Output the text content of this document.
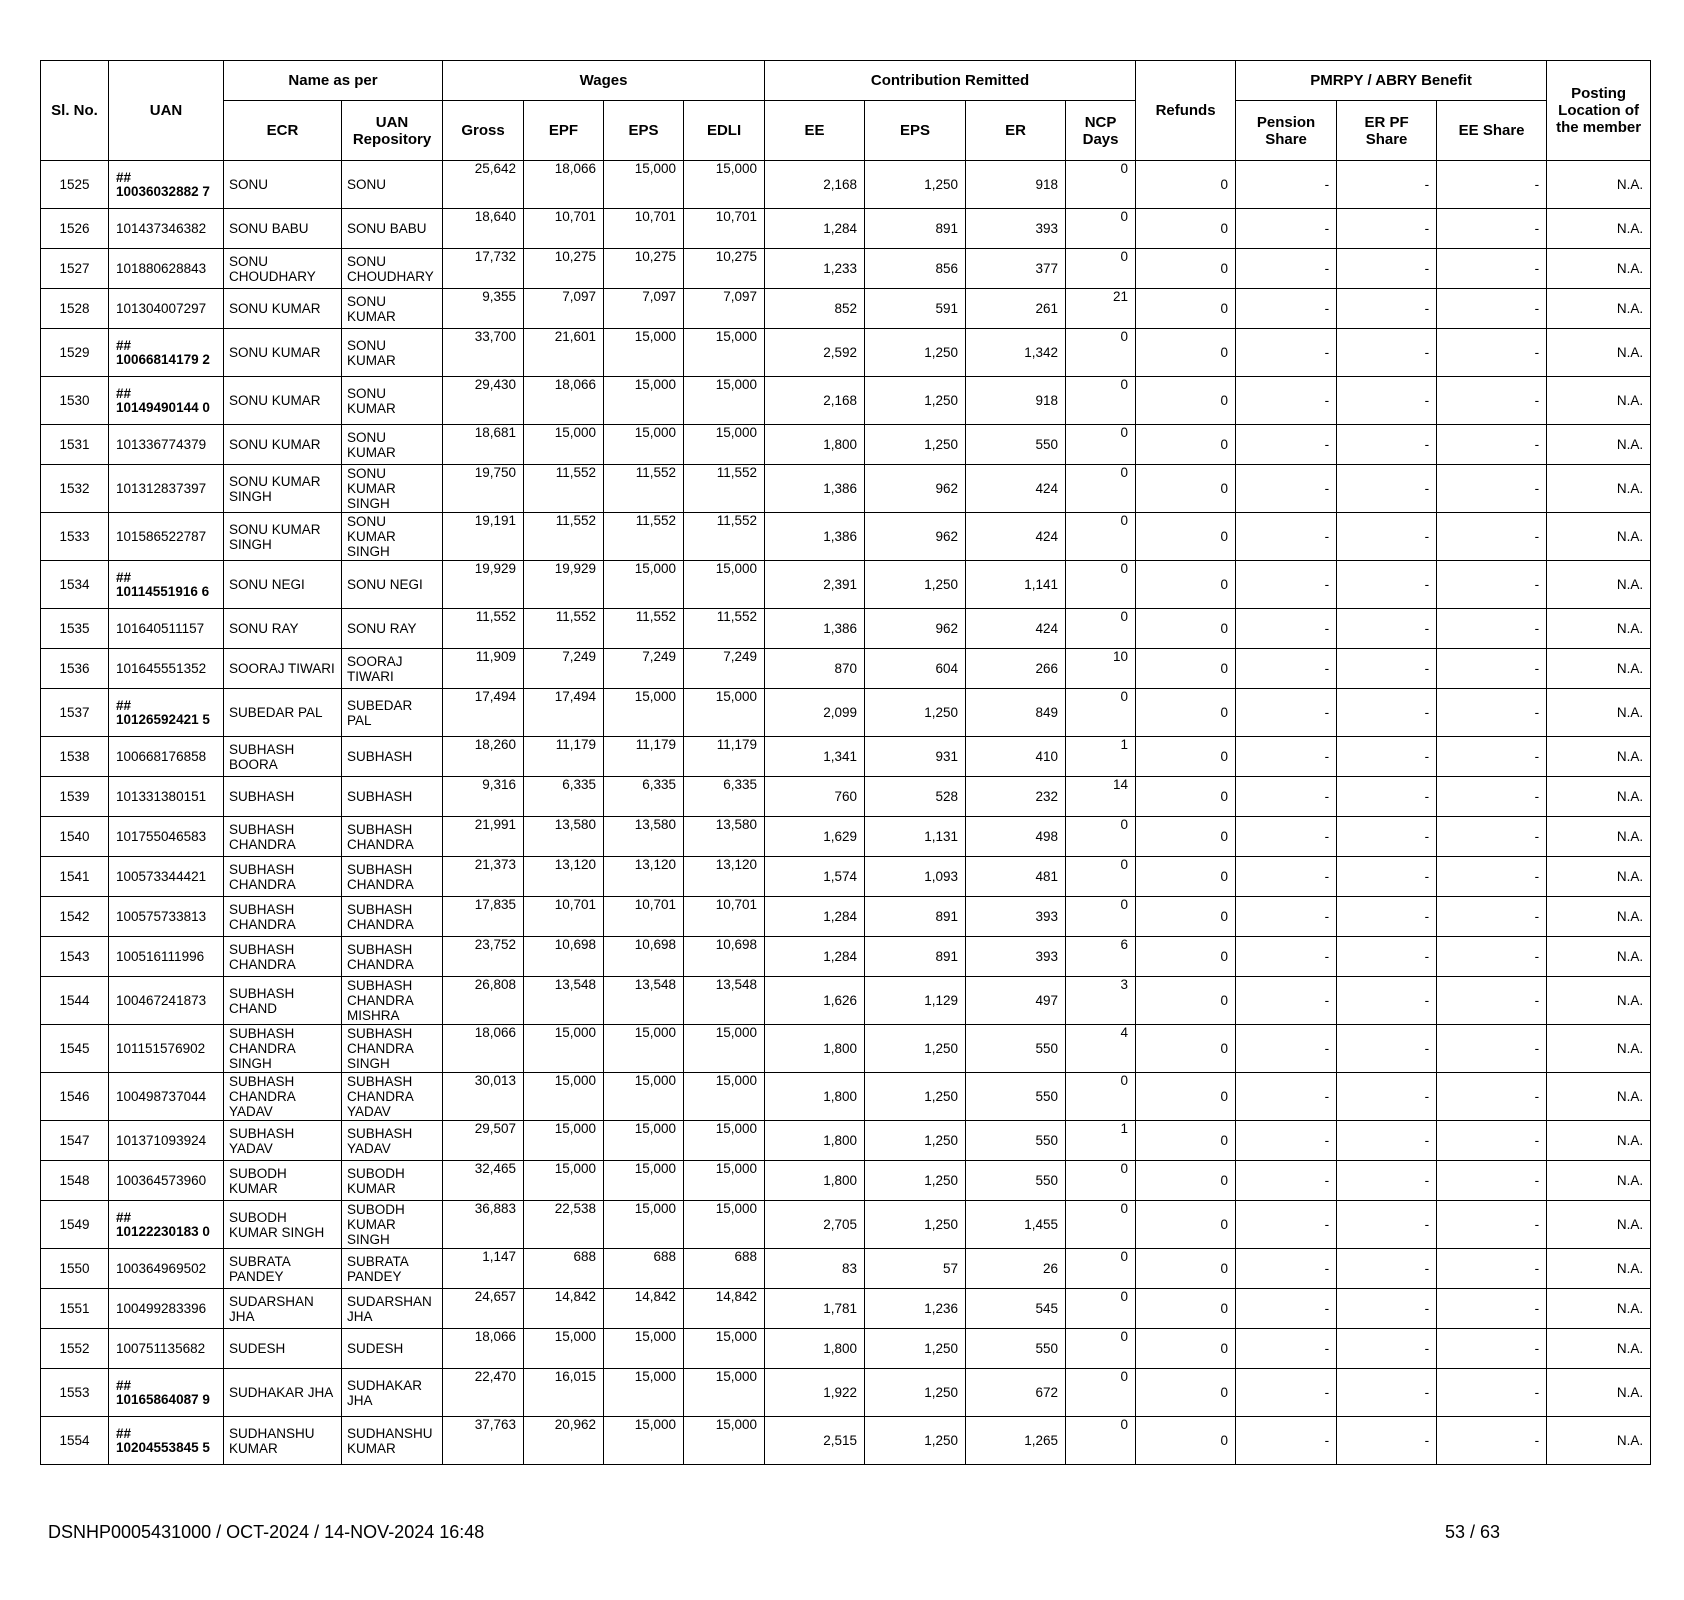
Sl. No.	UAN	Name as per		Wages				Contribution Remitted				Refunds	PMRPY / ABRY Benefit			Posting Location of the member
		ECR	UAN Repository	Gross	EPF	EPS	EDLI	EE	EPS	ER	NCP Days		Pension Share	ER PF Share	EE Share	
1525	## 10036032882 7	SONU	SONU	25,642	18,066	15,000	15,000	2,168	1,250	918	0	0	-	-	-	N.A.
1526	101437346382	SONU BABU	SONU BABU	18,640	10,701	10,701	10,701	1,284	891	393	0	0	-	-	-	N.A.
1527	101880628843	SONU CHOUDHARY	SONU CHOUDHARY	17,732	10,275	10,275	10,275	1,233	856	377	0	0	-	-	-	N.A.
1528	101304007297	SONU KUMAR	SONU KUMAR	9,355	7,097	7,097	7,097	852	591	261	21	0	-	-	-	N.A.
1529	## 10066814179 2	SONU KUMAR	SONU KUMAR	33,700	21,601	15,000	15,000	2,592	1,250	1,342	0	0	-	-	-	N.A.
1530	## 10149490144 0	SONU KUMAR	SONU KUMAR	29,430	18,066	15,000	15,000	2,168	1,250	918	0	0	-	-	-	N.A.
1531	101336774379	SONU KUMAR	SONU KUMAR	18,681	15,000	15,000	15,000	1,800	1,250	550	0	0	-	-	-	N.A.
1532	101312837397	SONU KUMAR SINGH	SONU KUMAR SINGH	19,750	11,552	11,552	11,552	1,386	962	424	0	0	-	-	-	N.A.
1533	101586522787	SONU KUMAR SINGH	SONU KUMAR SINGH	19,191	11,552	11,552	11,552	1,386	962	424	0	0	-	-	-	N.A.
1534	## 10114551916 6	SONU NEGI	SONU NEGI	19,929	19,929	15,000	15,000	2,391	1,250	1,141	0	0	-	-	-	N.A.
1535	101640511157	SONU RAY	SONU RAY	11,552	11,552	11,552	11,552	1,386	962	424	0	0	-	-	-	N.A.
1536	101645551352	SOORAJ TIWARI	SOORAJ TIWARI	11,909	7,249	7,249	7,249	870	604	266	10	0	-	-	-	N.A.
1537	## 10126592421 5	SUBEDAR PAL	SUBEDAR PAL	17,494	17,494	15,000	15,000	2,099	1,250	849	0	0	-	-	-	N.A.
1538	100668176858	SUBHASH BOORA	SUBHASH	18,260	11,179	11,179	11,179	1,341	931	410	1	0	-	-	-	N.A.
1539	101331380151	SUBHASH	SUBHASH	9,316	6,335	6,335	6,335	760	528	232	14	0	-	-	-	N.A.
1540	101755046583	SUBHASH CHANDRA	SUBHASH CHANDRA	21,991	13,580	13,580	13,580	1,629	1,131	498	0	0	-	-	-	N.A.
1541	100573344421	SUBHASH CHANDRA	SUBHASH CHANDRA	21,373	13,120	13,120	13,120	1,574	1,093	481	0	0	-	-	-	N.A.
1542	100575733813	SUBHASH CHANDRA	SUBHASH CHANDRA	17,835	10,701	10,701	10,701	1,284	891	393	0	0	-	-	-	N.A.
1543	100516111996	SUBHASH CHANDRA	SUBHASH CHANDRA	23,752	10,698	10,698	10,698	1,284	891	393	6	0	-	-	-	N.A.
1544	100467241873	SUBHASH CHAND	SUBHASH CHANDRA MISHRA	26,808	13,548	13,548	13,548	1,626	1,129	497	3	0	-	-	-	N.A.
1545	101151576902	SUBHASH CHANDRA SINGH	SUBHASH CHANDRA SINGH	18,066	15,000	15,000	15,000	1,800	1,250	550	4	0	-	-	-	N.A.
1546	100498737044	SUBHASH CHANDRA YADAV	SUBHASH CHANDRA YADAV	30,013	15,000	15,000	15,000	1,800	1,250	550	0	0	-	-	-	N.A.
1547	101371093924	SUBHASH YADAV	SUBHASH YADAV	29,507	15,000	15,000	15,000	1,800	1,250	550	1	0	-	-	-	N.A.
1548	100364573960	SUBODH KUMAR	SUBODH KUMAR	32,465	15,000	15,000	15,000	1,800	1,250	550	0	0	-	-	-	N.A.
1549	## 10122230183 0	SUBODH KUMAR SINGH	SUBODH KUMAR SINGH	36,883	22,538	15,000	15,000	2,705	1,250	1,455	0	0	-	-	-	N.A.
1550	100364969502	SUBRATA PANDEY	SUBRATA PANDEY	1,147	688	688	688	83	57	26	0	0	-	-	-	N.A.
1551	100499283396	SUDARSHAN JHA	SUDARSHAN JHA	24,657	14,842	14,842	14,842	1,781	1,236	545	0	0	-	-	-	N.A.
1552	100751135682	SUDESH	SUDESH	18,066	15,000	15,000	15,000	1,800	1,250	550	0	0	-	-	-	N.A.
1553	## 10165864087 9	SUDHAKAR JHA	SUDHAKAR JHA	22,470	16,015	15,000	15,000	1,922	1,250	672	0	0	-	-	-	N.A.
1554	## 10204553845 5	SUDHANSHU KUMAR	SUDHANSHU KUMAR	37,763	20,962	15,000	15,000	2,515	1,250	1,265	0	0	-	-	-	N.A.
DSNHP0005431000 / OCT-2024 / 14-NOV-2024 16:48	53 / 63
